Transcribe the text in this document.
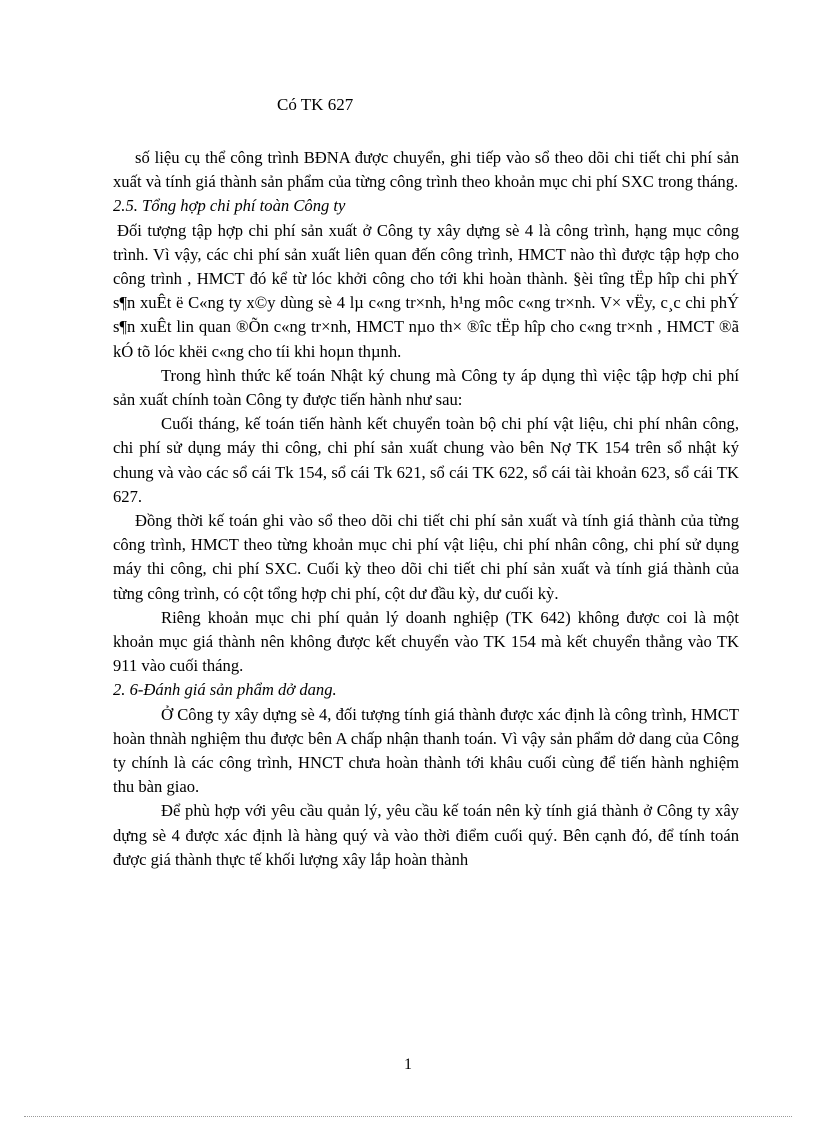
Có TK 627

số liệu cụ thể công trình BĐNA được chuyển, ghi tiếp vào sổ theo dõi chi tiết chi phí sản xuất và tính giá thành sản phẩm của từng công trình theo khoản mục chi phí SXC trong tháng.

2.5. Tổng hợp chi phí toàn Công ty

Đối tượng tập hợp chi phí sản xuất ở Công ty xây dựng sè 4 là công trình, hạng mục công trình. Vì vậy, các chi phí sản xuất liên quan đến công trình, HMCT nào thì được tập hợp cho công trình , HMCT đó kể từ lóc khởi công cho tới khi hoàn thành. §èi tîng tËp hîp chi phÝ s¶n xuÊt ë C«ng ty x©y dùng sè 4 lµ c«ng tr×nh, h¹ng môc c«ng tr×nh. V× vËy, c¸c chi phÝ s¶n xuÊt lin quan ®Õn c«ng tr×nh, HMCT nµo th× ®îc tËp hîp cho c«ng tr×nh , HMCT ®ã kÓ tõ lóc khëi c«ng cho tíi khi hoµn thµnh.

Trong hình thức kế toán Nhật ký chung mà Công ty áp dụng thì việc tập hợp chi phí sản xuất chính toàn Công ty được tiến hành như sau:

Cuối tháng, kế toán tiến hành kết chuyển toàn bộ chi phí vật liệu, chi phí nhân công, chi phí sử dụng máy thi công, chi phí sản xuất chung vào bên Nợ TK 154 trên sổ nhật ký chung và vào các sổ cái Tk 154, sổ cái Tk 621, sổ cái TK 622, sổ cái tài khoản 623, sổ cái TK 627.

Đồng thời kế toán ghi vào sổ theo dõi chi tiết chi phí sản xuất và tính giá thành của từng công trình, HMCT theo từng khoản mục chi phí vật liệu, chi phí nhân công, chi phí sử dụng máy thi công, chi phí SXC. Cuối kỳ theo dõi chi tiết chi phí sản xuất và tính giá thành của từng công trình, có cột tổng hợp chi phí, cột dư đầu kỳ, dư cuối kỳ.

Riêng khoản mục chi phí quản lý doanh nghiệp (TK 642) không được coi là một khoản mục giá thành nên không được kết chuyển vào TK 154 mà kết chuyển thẳng vào TK 911 vào cuối tháng.

2. 6-Đánh giá sản phẩm dở dang.

Ở Công ty xây dựng sè 4, đối tượng tính giá thành được xác định là công trình, HMCT hoàn thnàh nghiệm thu được bên A chấp nhận thanh toán. Vì vậy sản phẩm dở dang của Công ty chính là các công trình, HNCT chưa hoàn thành tới khâu cuối cùng để tiến hành nghiệm thu bàn giao.

Để phù hợp với yêu cầu quản lý, yêu cầu kế toán nên kỳ tính giá thành ở Công ty xây dựng sè 4 được xác định là hàng quý và vào thời điểm cuối quý. Bên cạnh đó, để tính toán được giá thành thực tế khối lượng xây lắp hoàn thành

1
